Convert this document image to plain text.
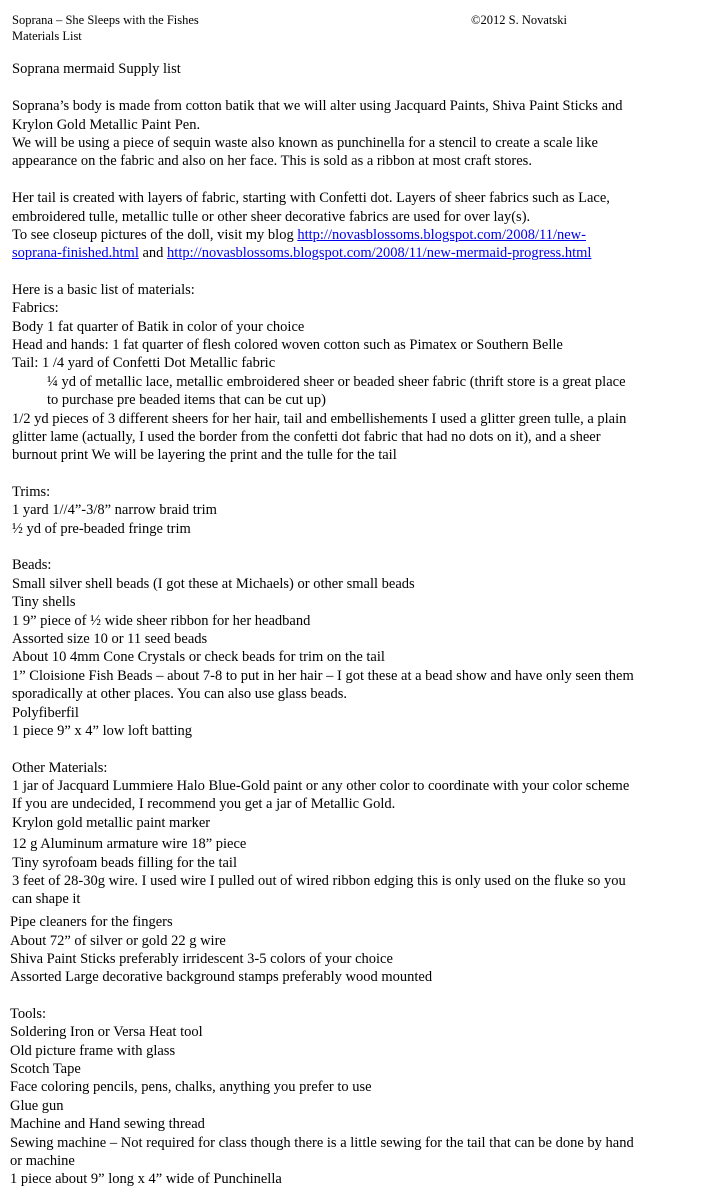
Soprana – She Sleeps with the Fishes	©2012 S. Novatski
Materials List
Soprana mermaid Supply list
Soprana’s body is made from cotton batik that we will alter using Jacquard Paints, Shiva Paint Sticks and
Krylon Gold Metallic Paint Pen.
We will be using a piece of sequin waste also known as punchinella for a stencil to create a scale like
appearance on the fabric and also on her face. This is sold as a ribbon at most craft stores.
Her tail is created with layers of fabric, starting with Confetti dot. Layers of sheer fabrics such as Lace,
embroidered tulle, metallic tulle or other sheer decorative fabrics are used for over lay(s).
To see closeup pictures of the doll, visit my blog http://novasblossoms.blogspot.com/2008/11/new-
soprana-finished.html and http://novasblossoms.blogspot.com/2008/11/new-mermaid-progress.html
Here is a basic list of materials:
Fabrics:
Body 1 fat quarter of Batik in color of your choice
Head and hands: 1 fat quarter of flesh colored woven cotton such as Pimatex or Southern Belle
Tail: 1 /4 yard of Confetti Dot Metallic fabric
¼ yd of metallic lace, metallic embroidered sheer or beaded sheer fabric (thrift store is a great place
to purchase pre beaded items that can be cut up)
1/2 yd pieces of 3 different sheers for her hair, tail and embellishements I used a glitter green tulle, a plain
glitter lame (actually, I used the border from the confetti dot fabric that had no dots on it), and a sheer
burnout print We will be layering the print and the tulle for the tail
Trims:
1 yard 1//4”-3/8” narrow braid trim
½ yd of pre-beaded fringe trim
Beads:
Small silver shell beads (I got these at Michaels) or other small beads
Tiny shells
1 9” piece of ½ wide sheer ribbon for her headband
Assorted size 10 or 11 seed beads
About 10 4mm Cone Crystals or check beads for trim on the tail
1” Cloisione Fish Beads – about 7-8 to put in her hair – I got these at a bead show and have only seen them
sporadically at other places. You can also use glass beads.
Polyfiberfil
1 piece 9” x 4” low loft batting
Other Materials:
1 jar of Jacquard Lummiere Halo Blue-Gold paint or any other color to coordinate with your color scheme
If you are undecided, I recommend you get a jar of Metallic Gold.
Krylon gold metallic paint marker
12 g Aluminum armature wire 18” piece
Tiny syrofoam beads filling for the tail
3 feet of 28-30g wire. I used wire I pulled out of wired ribbon edging this is only used on the fluke so you
can shape it
Pipe cleaners for the fingers
About 72” of silver or gold 22 g wire
Shiva Paint Sticks preferably irridescent 3-5 colors of your choice
Assorted Large decorative background stamps preferably wood mounted
Tools:
Soldering Iron or Versa Heat tool
Old picture frame with glass
Scotch Tape
Face coloring pencils, pens, chalks, anything you prefer to use
Glue gun
Machine and Hand sewing thread
Sewing machine – Not required for class though there is a little sewing for the tail that can be done by hand
or machine
1 piece about 9” long x 4” wide of Punchinella
